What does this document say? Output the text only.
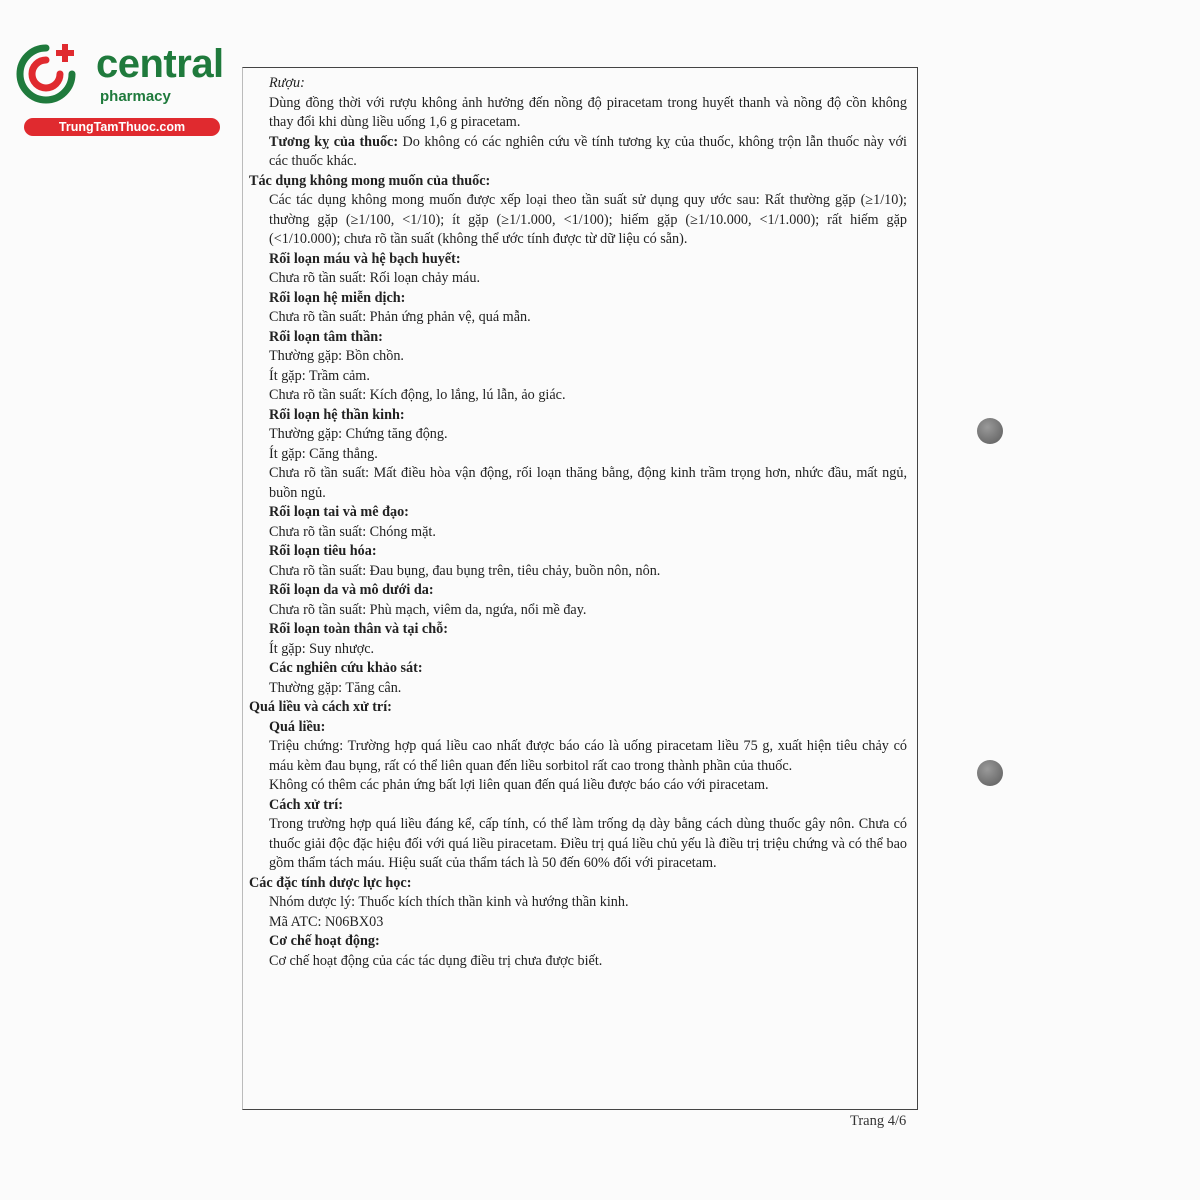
central
pharmacy
TrungTamThuoc.com

Rượu:

Dùng đồng thời với rượu không ảnh hưởng đến nồng độ piracetam trong huyết thanh và nồng độ cồn không thay đổi khi dùng liều uống 1,6 g piracetam.

Tương kỵ của thuốc: Do không có các nghiên cứu về tính tương kỵ của thuốc, không trộn lẫn thuốc này với các thuốc khác.

Tác dụng không mong muốn của thuốc:

Các tác dụng không mong muốn được xếp loại theo tần suất sử dụng quy ước sau: Rất thường gặp (≥1/10); thường gặp (≥1/100, <1/10); ít gặp (≥1/1.000, <1/100); hiếm gặp (≥1/10.000, <1/1.000); rất hiếm gặp (<1/10.000); chưa rõ tần suất (không thể ước tính được từ dữ liệu có sẵn).

Rối loạn máu và hệ bạch huyết:

Chưa rõ tần suất: Rối loạn chảy máu.

Rối loạn hệ miễn dịch:

Chưa rõ tần suất: Phản ứng phản vệ, quá mẫn.

Rối loạn tâm thần:

Thường gặp: Bồn chồn.

Ít gặp: Trầm cảm.

Chưa rõ tần suất: Kích động, lo lắng, lú lẫn, ảo giác.

Rối loạn hệ thần kinh:

Thường gặp: Chứng tăng động.

Ít gặp: Căng thẳng.

Chưa rõ tần suất: Mất điều hòa vận động, rối loạn thăng bằng, động kinh trầm trọng hơn, nhức đầu, mất ngủ, buồn ngủ.

Rối loạn tai và mê đạo:

Chưa rõ tần suất: Chóng mặt.

Rối loạn tiêu hóa:

Chưa rõ tần suất: Đau bụng, đau bụng trên, tiêu chảy, buồn nôn, nôn.

Rối loạn da và mô dưới da:

Chưa rõ tần suất: Phù mạch, viêm da, ngứa, nổi mề đay.

Rối loạn toàn thân và tại chỗ:

Ít gặp: Suy nhược.

Các nghiên cứu khảo sát:

Thường gặp: Tăng cân.

Quá liều và cách xử trí:

Quá liều:

Triệu chứng: Trường hợp quá liều cao nhất được báo cáo là uống piracetam liều 75 g, xuất hiện tiêu chảy có máu kèm đau bụng, rất có thể liên quan đến liều sorbitol rất cao trong thành phần của thuốc.

Không có thêm các phản ứng bất lợi liên quan đến quá liều được báo cáo với piracetam.

Cách xử trí:

Trong trường hợp quá liều đáng kể, cấp tính, có thể làm trống dạ dày bằng cách dùng thuốc gây nôn. Chưa có thuốc giải độc đặc hiệu đối với quá liều piracetam. Điều trị quá liều chủ yếu là điều trị triệu chứng và có thể bao gồm thẩm tách máu. Hiệu suất của thẩm tách là 50 đến 60% đối với piracetam.

Các đặc tính dược lực học:

Nhóm dược lý: Thuốc kích thích thần kinh và hướng thần kinh.

Mã ATC: N06BX03

Cơ chế hoạt động:

Cơ chế hoạt động của các tác dụng điều trị chưa được biết.

Trang 4/6
